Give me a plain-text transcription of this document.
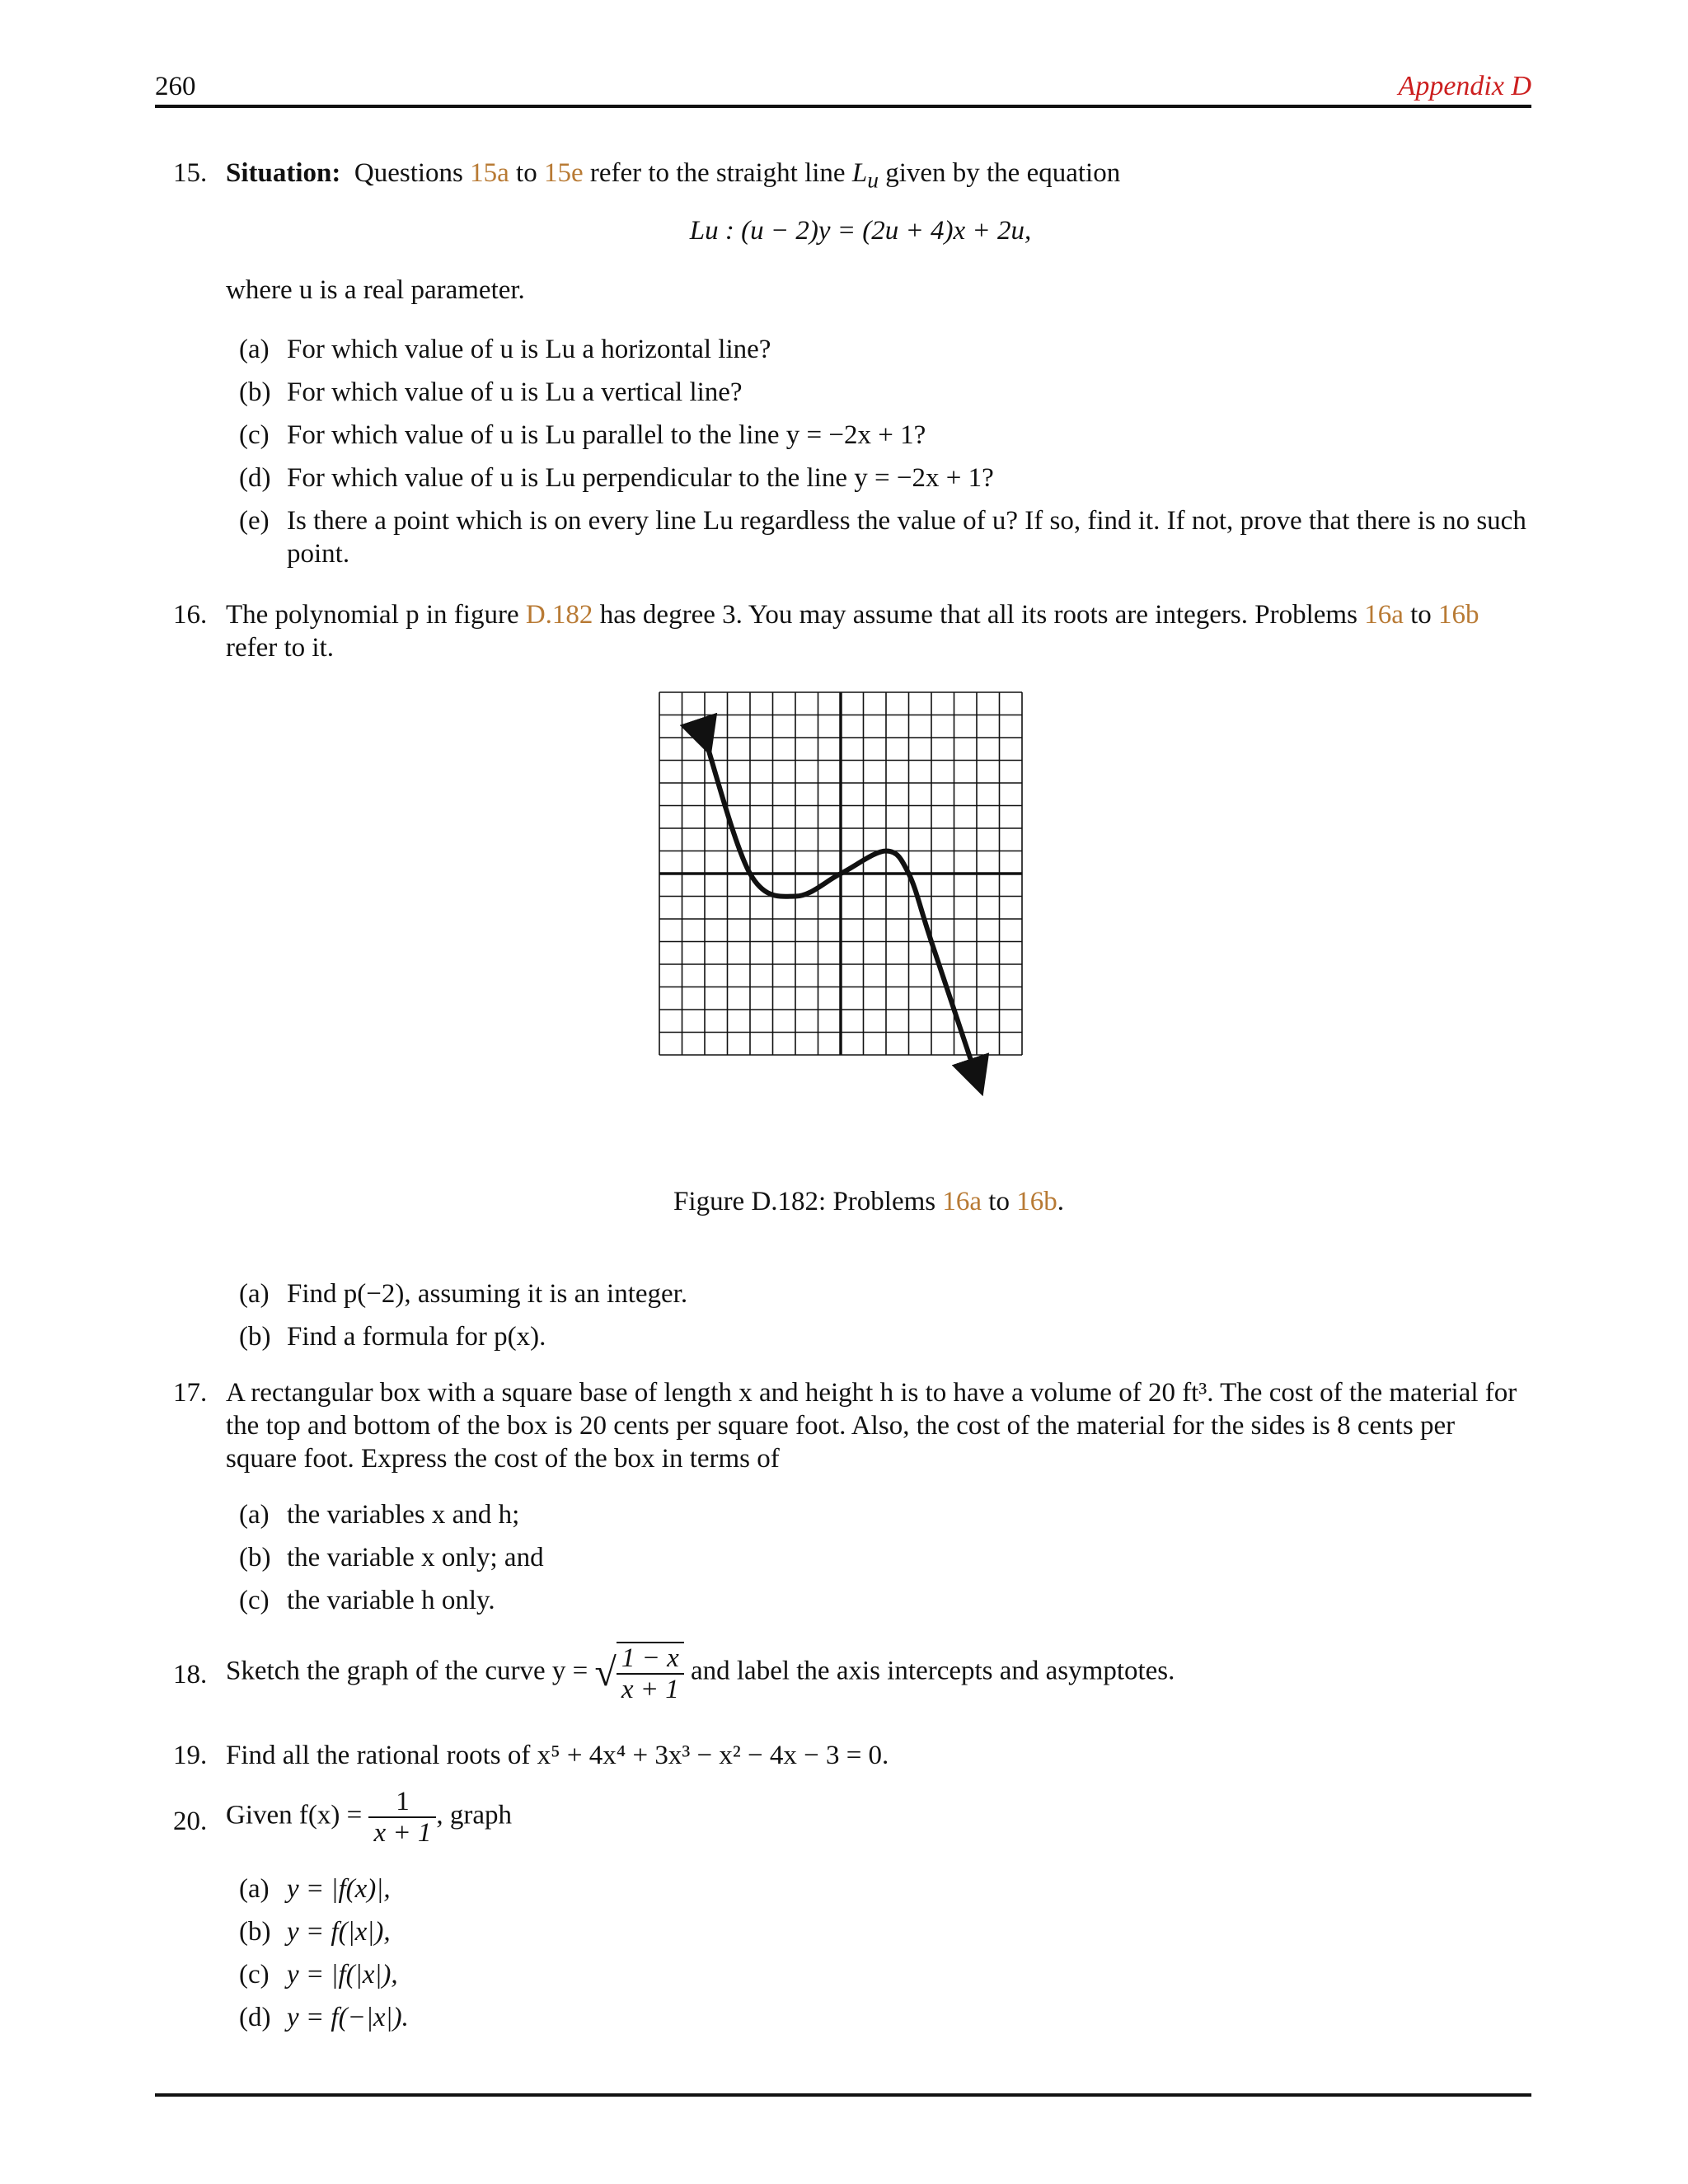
260	Appendix D
15. Situation: Questions 15a to 15e refer to the straight line $L_u$ given by the equation
Lu : (u − 2)y = (2u + 4)x + 2u,
where u is a real parameter.
(a) For which value of u is Lu a horizontal line?
(b) For which value of u is Lu a vertical line?
(c) For which value of u is Lu parallel to the line y = −2x + 1?
(d) For which value of u is Lu perpendicular to the line y = −2x + 1?
(e) Is there a point which is on every line Lu regardless the value of u? If so, find it. If not, prove that there is no such point.
16. The polynomial p in figure D.182 has degree 3. You may assume that all its roots are integers. Problems 16a to 16b refer to it.
Figure D.182: Problems 16a to 16b.
(a) Find p(−2), assuming it is an integer.
(b) Find a formula for p(x).
17. A rectangular box with a square base of length x and height h is to have a volume of 20 ft³. The cost of the material for the top and bottom of the box is 20 cents per square foot. Also, the cost of the material for the sides is 8 cents per square foot. Express the cost of the box in terms of
(a) the variables x and h;
(b) the variable x only; and
(c) the variable h only.
18. Sketch the graph of the curve y = √ $\frac{1 - x}{x + 1}$ and label the axis intercepts and asymptotes.
19. Find all the rational roots of x⁵ + 4x⁴ + 3x³ − x² − 4x − 3 = 0.
20. Given $f(x) = \frac{1}{x + 1}$ , graph
(a) y = |f(x)|,
(b) y = f(|x|),
(c) y = |f(|x|),
(d) y = f(−|x|).
